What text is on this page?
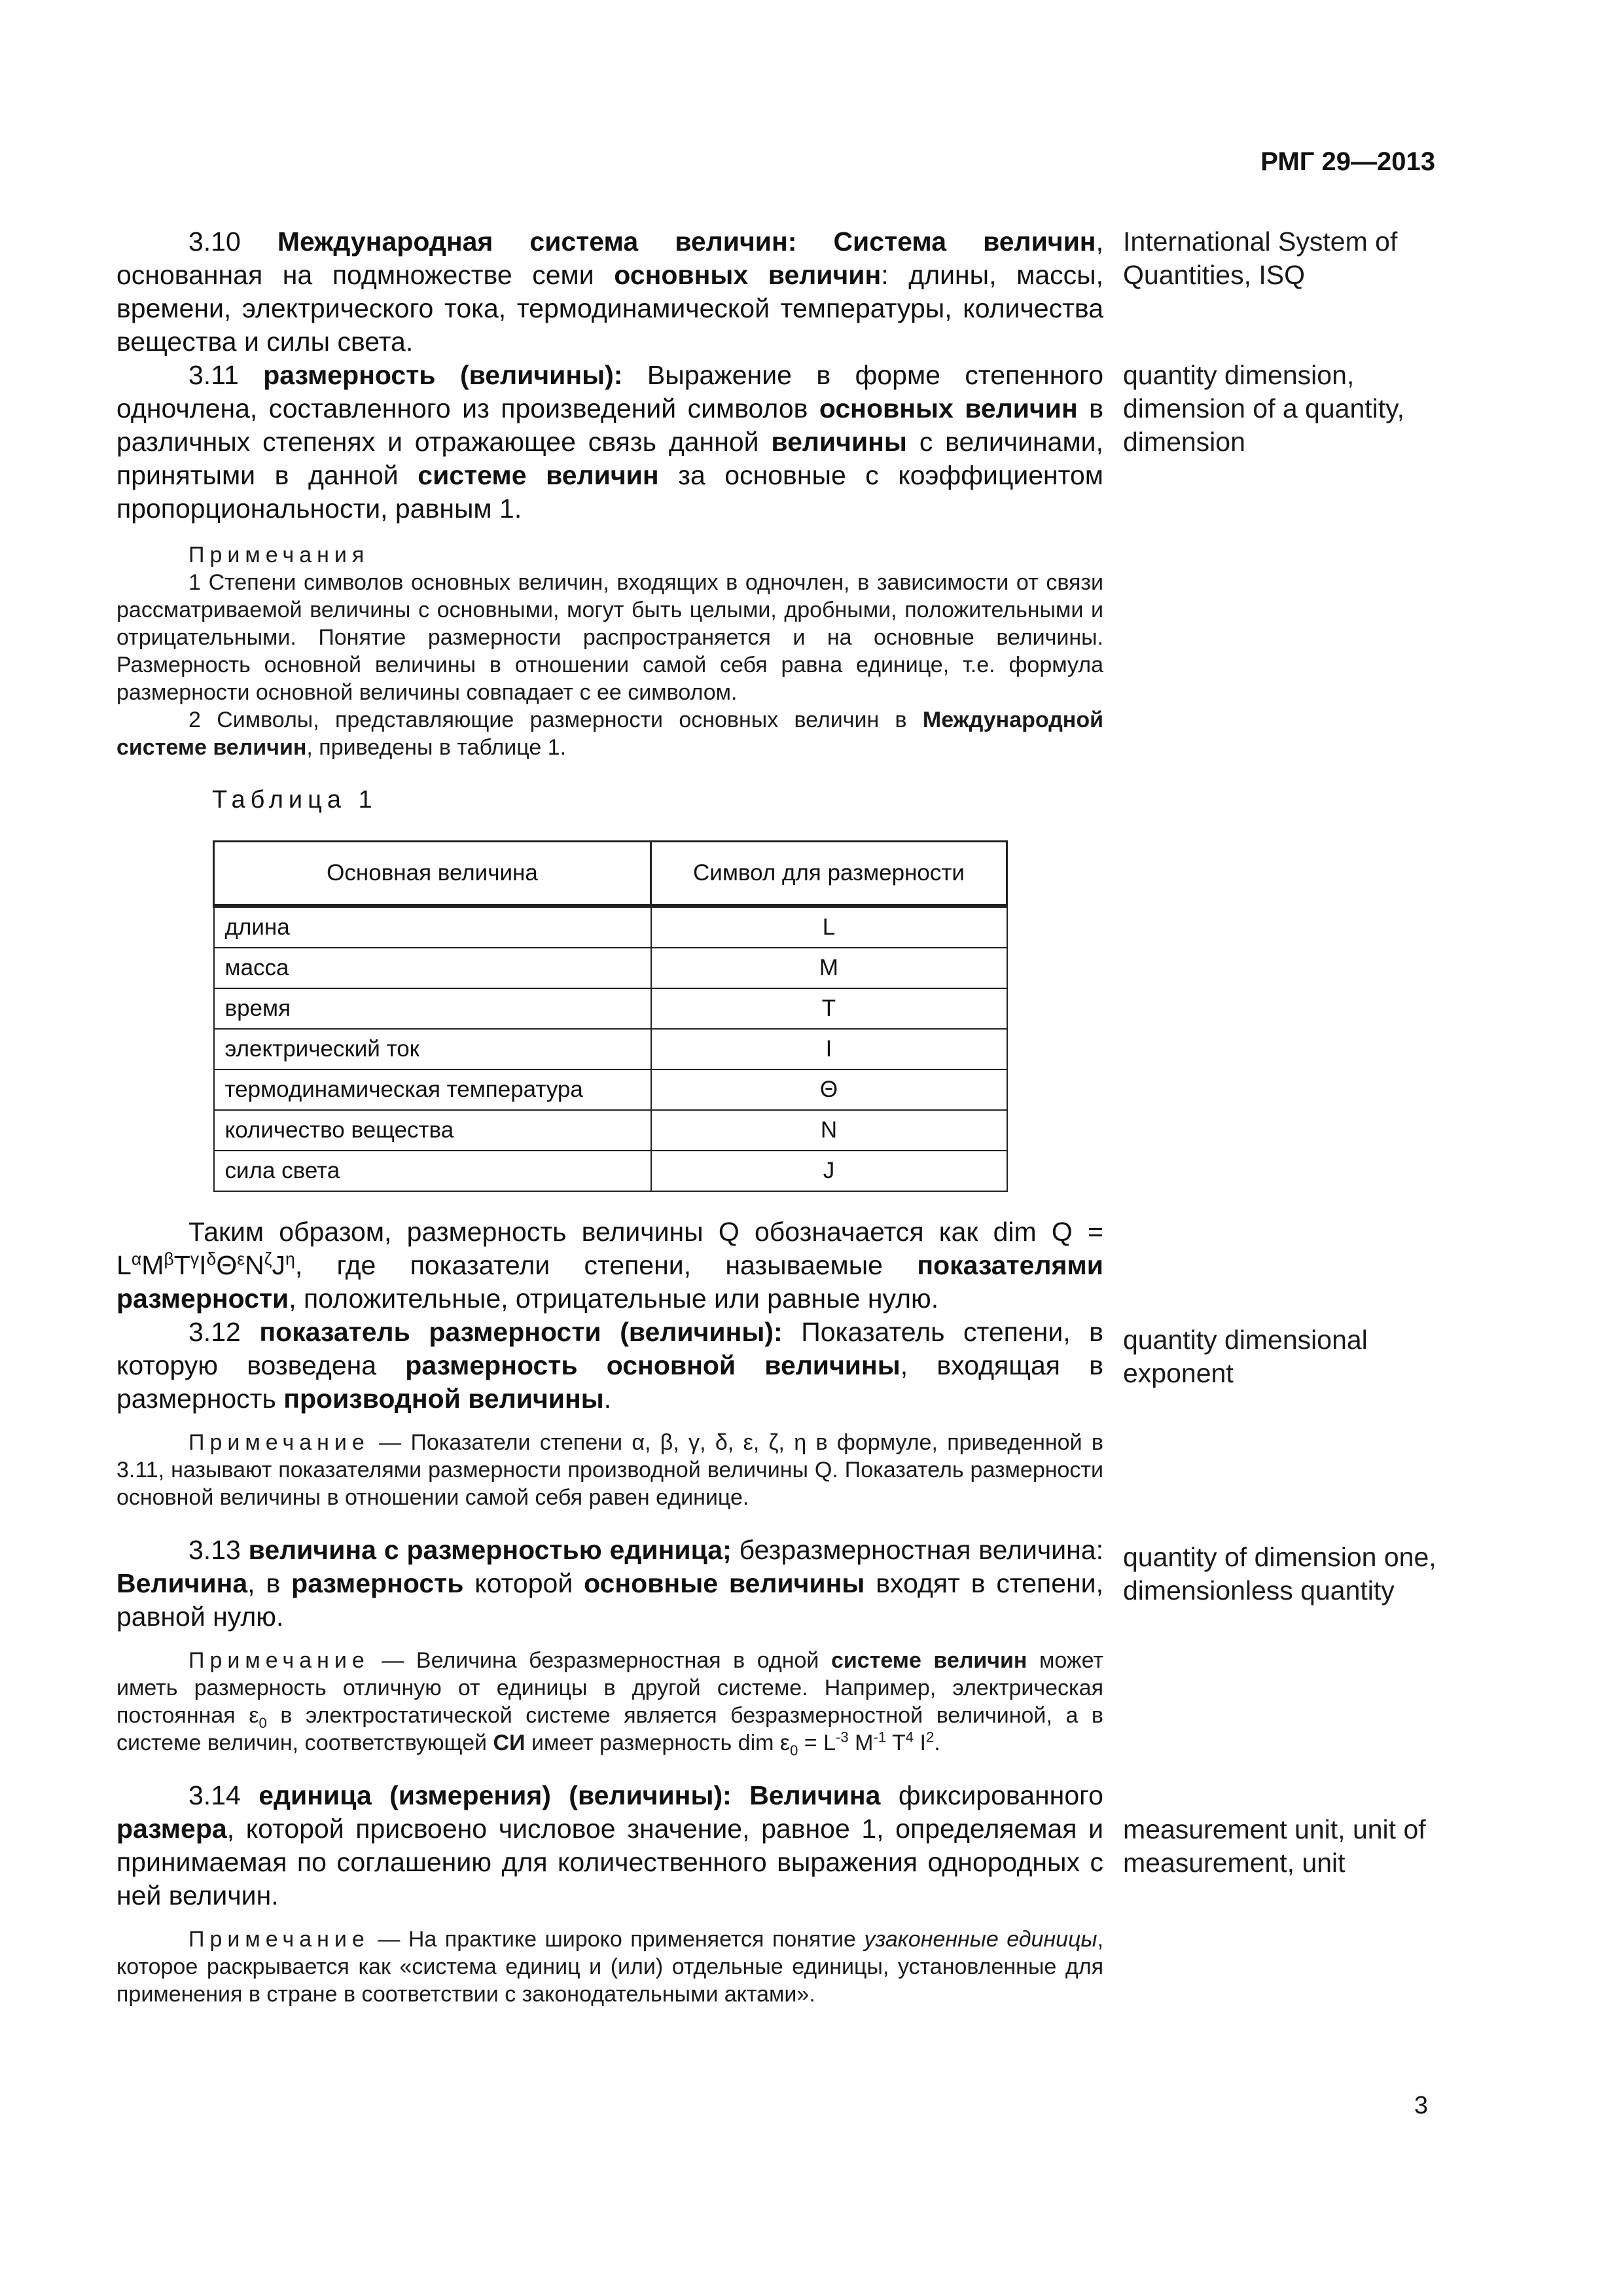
РМГ 29—2013
International System of Quantities, ISQ
quantity dimension, dimension of a quantity, dimension
quantity dimensional exponent
quantity of dimension one, dimensionless quantity
measurement unit, unit of measurement, unit

3.10 Международная система величин: Система величин, основанная на подмножестве семи основных величин: длины, массы, времени, электрического тока, термодинамической температуры, количества вещества и силы света.

3.11 размерность (величины): Выражение в форме степенного одночлена, составленного из произведений символов основных величин в различных степенях и отражающее связь данной величины с величинами, принятыми в данной системе величин за основные с коэффициентом пропорциональности, равным 1.

Примечания

1 Степени символов основных величин, входящих в одночлен, в зависимости от связи рассматриваемой величины с основными, могут быть целыми, дробными, положительными и отрицательными. Понятие размерности распространяется и на основные величины. Размерность основной величины в отношении самой себя равна единице, т.е. формула размерности основной величины совпадает с ее символом.

2 Символы, представляющие размерности основных величин в Международной системе величин, приведены в таблице 1.

Таблица 1
Основная величина	Символ для размерности
длина	L
масса	M
время	T
электрический ток	I
термодинамическая температура	Θ
количество вещества	N
сила света	J

Таким образом, размерность величины Q обозначается как dim $Q = L^\alpha M^\beta T^\gamma I^\delta\Theta^\varepsilon N^\zeta J^\eta$, где показатели степени, называемые показателями размерности, положительные, отрицательные или равные нулю.

3.12 показатель размерности (величины): Показатель степени, в которую возведена размерность основной величины, входящая в размерность производной величины.

Примечание — Показатели степени α, β, γ, δ, ε, ζ, η в формуле, приведенной в 3.11, называют показателями размерности производной величины Q. Показатель размерности основной величины в отношении самой себя равен единице.

3.13 величина с размерностью единица; безразмерностная величина: Величина, в размерность которой основные величины входят в степени, равной нулю.

Примечание — Величина безразмерностная в одной системе величин может иметь размерность отличную от единицы в другой системе. Например, электрическая постоянная $\varepsilon_0$ в электростатической системе является безразмерностной величиной, а в системе величин, соответствующей СИ имеет размерность dim $\varepsilon_0 = L^{-3}$ $M^{-1}$ $T^4$ $I^2$.

3.14 единица (измерения) (величины): Величина фиксированного размера, которой присвоено числовое значение, равное 1, определяемая и принимаемая по соглашению для количественного выражения однородных с ней величин.

Примечание — На практике широко применяется понятие узаконенные единицы, которое раскрывается как «система единиц и (или) отдельные единицы, установленные для применения в стране в соответствии с законодательными актами».

3
